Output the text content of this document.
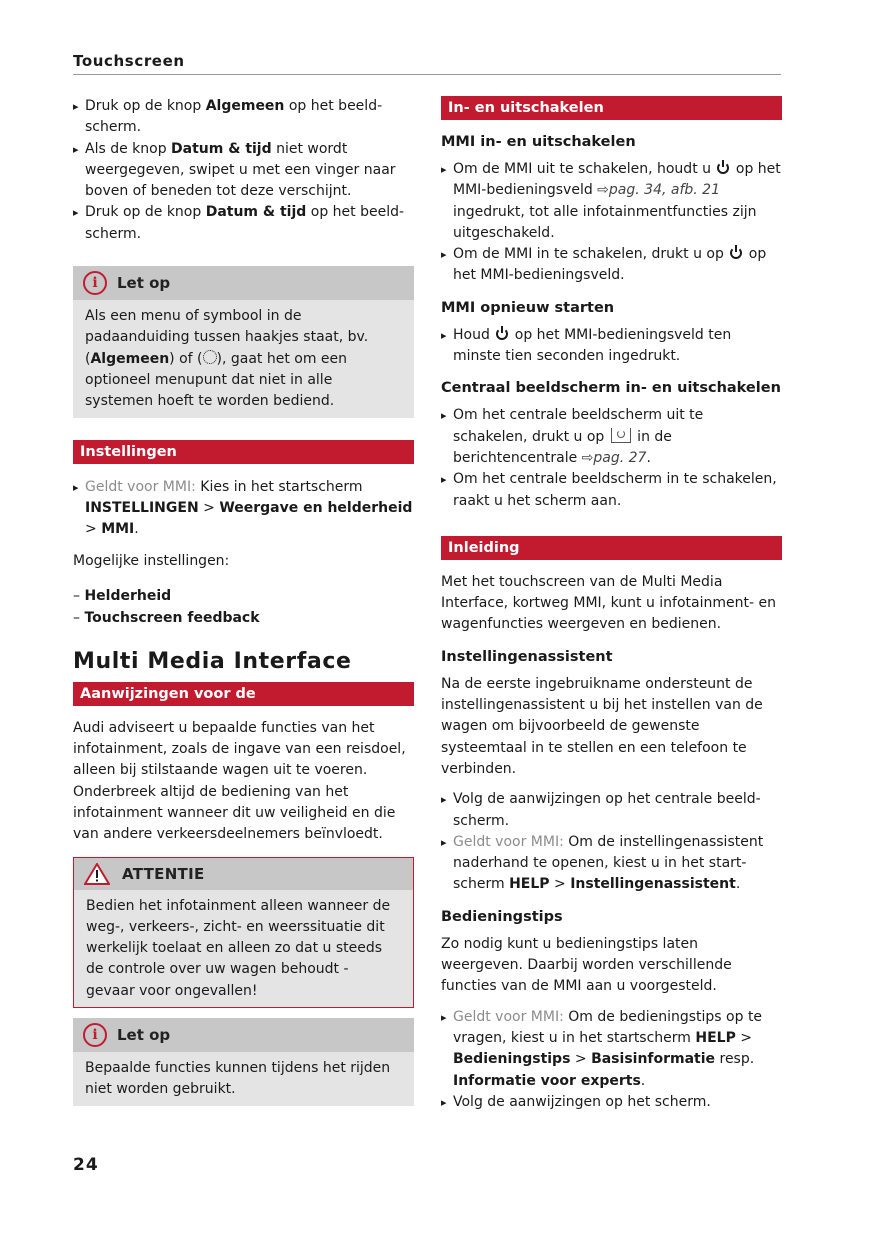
Touchscreen
▸ Druk op de knop Algemeen op het beeld-scherm.
▸ Als de knop Datum & tijd niet wordt weergegeven, swipet u met een vinger naar boven of beneden tot deze verschijnt.
▸ Druk op de knop Datum & tijd op het beeld-scherm.
i	Let op
Als een menu of symbool in de padaanduiding tussen haakjes staat, bv. (Algemeen) of ( ), gaat het om een optioneel menupunt dat niet in alle systemen hoeft te worden bediend.
Instellingen
▸ Geldt voor MMI: Kies in het startscherm INSTELLINGEN > Weergave en helderheid > MMI.

Mogelijke instellingen:

– Helderheid
– Touchscreen feedback
Multi Media Interface
Aanwijzingen voor de verkeersveiligheid

Audi adviseert u bepaalde functies van het infotainment, zoals de ingave van een reisdoel, alleen bij stilstaande wagen uit te voeren. Onderbreek altijd de bediening van het infotainment wanneer dit uw veiligheid en die van andere verkeersdeelnemers beïnvloedt.

ATTENTIE
Bedien het infotainment alleen wanneer de weg-, verkeers-, zicht- en weerssituatie dit werkelijk toelaat en alleen zo dat u steeds de controle over uw wagen behoudt - gevaar voor ongevallen!
i	Let op
Bepaalde functies kunnen tijdens het rijden niet worden gebruikt.
In- en uitschakelen
MMI in- en uitschakelen
▸ Om de MMI uit te schakelen, houdt u  op het MMI-bedieningsveld ⇨pag. 34, afb. 21 ingedrukt, tot alle infotainmentfuncties zijn uitgeschakeld.
▸ Om de MMI in te schakelen, drukt u op  op het MMI-bedieningsveld.
MMI opnieuw starten
▸ Houd  op het MMI-bedieningsveld ten minste tien seconden ingedrukt.
Centraal beeldscherm in- en uitschakelen
▸ Om het centrale beeldscherm uit te schakelen, drukt u op  in de berichtencentrale ⇨pag. 27.
▸ Om het centrale beeldscherm in te schakelen, raakt u het scherm aan.
Inleiding

Met het touchscreen van de Multi Media Interface, kortweg MMI, kunt u infotainment- en wagenfuncties weergeven en bedienen.

Instellingenassistent

Na de eerste ingebruikname ondersteunt de instellingenassistent u bij het instellen van de wagen om bijvoorbeeld de gewenste systeemtaal in te stellen en een telefoon te verbinden.

▸ Volg de aanwijzingen op het centrale beeld-scherm.
▸ Geldt voor MMI: Om de instellingenassistent naderhand te openen, kiest u in het start-scherm HELP > Instellingenassistent.
Bedieningstips

Zo nodig kunt u bedieningstips laten weergeven. Daarbij worden verschillende functies van de MMI aan u voorgesteld.

▸ Geldt voor MMI: Om de bedieningstips op te vragen, kiest u in het startscherm HELP > Bedieningstips > Basisinformatie resp. Informatie voor experts.
▸ Volg de aanwijzingen op het scherm.
24
